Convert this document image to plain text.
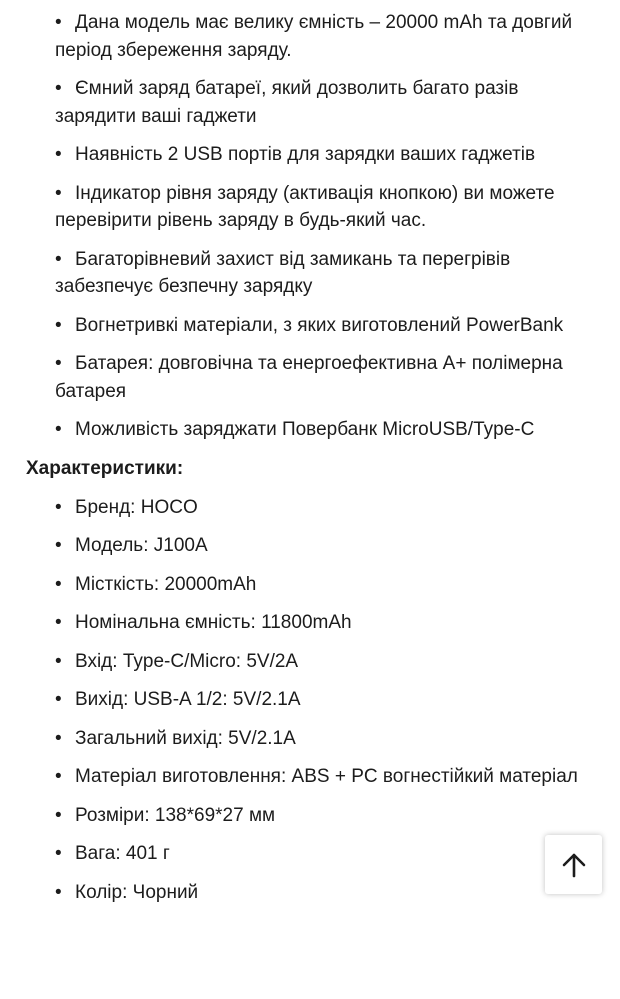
• Дана модель має велику ємність – 20000 mAh та довгий період збереження заряду.
• Ємний заряд батареї, який дозволить багато разів зарядити ваші гаджети
• Наявність 2 USB портів для зарядки ваших гаджетів
• Індикатор рівня заряду (активація кнопкою) ви можете перевірити рівень заряду в будь-який час.
• Багаторівневий захист від замикань та перегрівів забезпечує безпечну зарядку
• Вогнетривкі матеріали, з яких виготовлений PowerBank
• Батарея: довговічна та енергоефективна A+ полімерна батарея
• Можливість заряджати Повербанк MicroUSB/Type-C
Характеристики:
• Бренд: HOCO
• Модель: J100A
• Місткість: 20000mAh
• Номінальна ємність: 11800mAh
• Вхід: Type-C/Micro: 5V/2A
• Вихід: USB-A 1/2: 5V/2.1A
• Загальний вихід: 5V/2.1A
• Матеріал виготовлення: ABS + PC вогнестійкий матеріал
• Розміри: 138*69*27 мм
• Вага: 401 г
• Колір: Чорний
